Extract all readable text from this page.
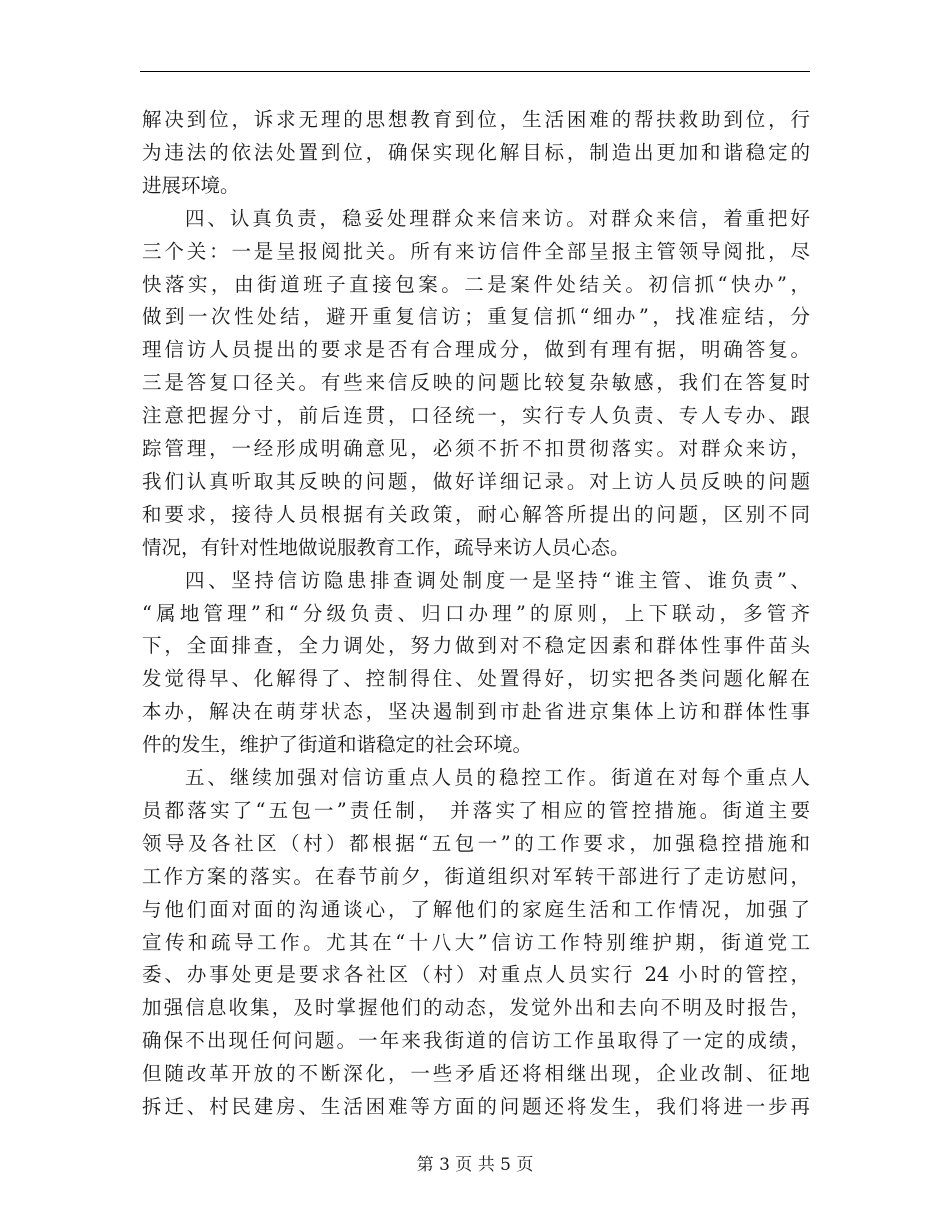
解决到位，诉求无理的思想教育到位，生活困难的帮扶救助到位，行
为违法的依法处置到位，确保实现化解目标，制造出更加和谐稳定的
进展环境。
四、认真负责，稳妥处理群众来信来访。对群众来信，着重把好
三个关：一是呈报阅批关。所有来访信件全部呈报主管领导阅批，尽
快落实，由街道班子直接包案。二是案件处结关。初信抓“快办”，
做到一次性处结，避开重复信访；重复信抓“细办”，找准症结，分
理信访人员提出的要求是否有合理成分，做到有理有据，明确答复。
三是答复口径关。有些来信反映的问题比较复杂敏感，我们在答复时
注意把握分寸，前后连贯，口径统一，实行专人负责、专人专办、跟
踪管理，一经形成明确意见，必须不折不扣贯彻落实。对群众来访，
我们认真听取其反映的问题，做好详细记录。对上访人员反映的问题
和要求，接待人员根据有关政策，耐心解答所提出的问题，区别不同
情况，有针对性地做说服教育工作，疏导来访人员心态。
四、坚持信访隐患排查调处制度一是坚持“谁主管、谁负责”、
“属地管理”和“分级负责、归口办理”的原则，上下联动，多管齐
下，全面排查，全力调处，努力做到对不稳定因素和群体性事件苗头
发觉得早、化解得了、控制得住、处置得好，切实把各类问题化解在
本办，解决在萌芽状态，坚决遏制到市赴省进京集体上访和群体性事
件的发生，维护了街道和谐稳定的社会环境。
五、继续加强对信访重点人员的稳控工作。街道在对每个重点人
员都落实了“五包一”责任制， 并落实了相应的管控措施。街道主要
领导及各社区（村）都根据“五包一”的工作要求，加强稳控措施和
工作方案的落实。在春节前夕，街道组织对军转干部进行了走访慰问，
与他们面对面的沟通谈心，了解他们的家庭生活和工作情况，加强了
宣传和疏导工作。尤其在“十八大”信访工作特别维护期，街道党工
委、办事处更是要求各社区（村）对重点人员实行 24 小时的管控，
加强信息收集，及时掌握他们的动态，发觉外出和去向不明及时报告，
确保不出现任何问题。一年来我街道的信访工作虽取得了一定的成绩，
但随改革开放的不断深化，一些矛盾还将相继出现，企业改制、征地
拆迁、村民建房、生活困难等方面的问题还将发生，我们将进一步再
第 3 页 共 5 页
